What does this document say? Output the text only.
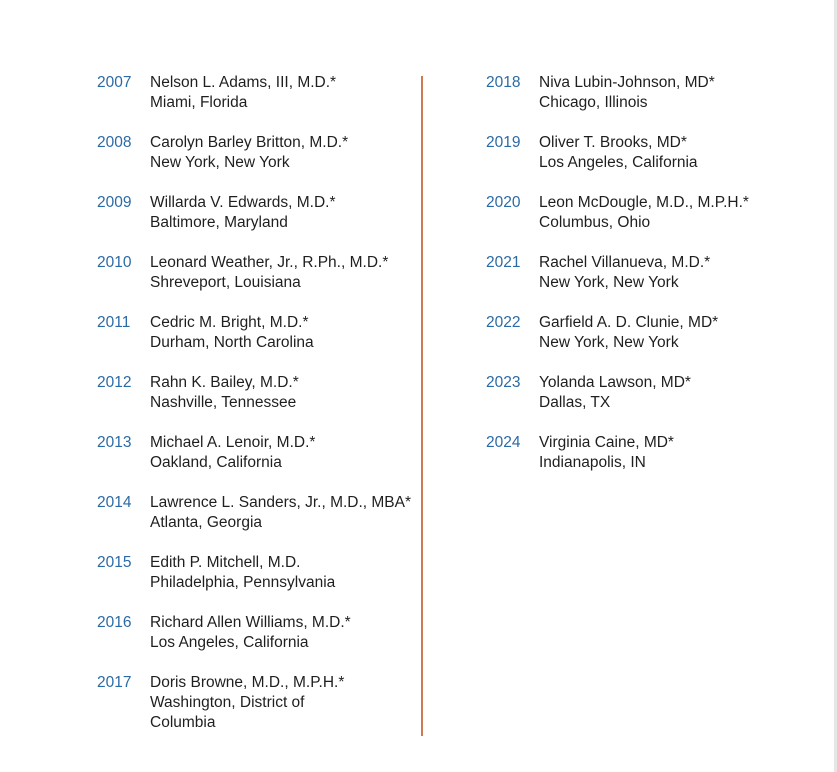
2007 Nelson L. Adams, III, M.D.*
Miami, Florida
2008 Carolyn Barley Britton, M.D.*
New York, New York
2009 Willarda V. Edwards, M.D.*
Baltimore, Maryland
2010 Leonard Weather, Jr., R.Ph., M.D.*
Shreveport, Louisiana
2011 Cedric M. Bright, M.D.*
Durham, North Carolina
2012 Rahn K. Bailey, M.D.*
Nashville, Tennessee
2013 Michael A. Lenoir, M.D.*
Oakland, California
2014 Lawrence L. Sanders, Jr., M.D., MBA*
Atlanta, Georgia
2015 Edith P. Mitchell, M.D.
Philadelphia, Pennsylvania
2016 Richard Allen Williams, M.D.*
Los Angeles, California
2017 Doris Browne, M.D., M.P.H.*
Washington, District of Columbia
2018 Niva Lubin-Johnson, MD*
Chicago, Illinois
2019 Oliver T. Brooks, MD*
Los Angeles, California
2020 Leon McDougle, M.D., M.P.H.*
Columbus, Ohio
2021 Rachel Villanueva, M.D.*
New York, New York
2022 Garfield A. D. Clunie, MD*
New York, New York
2023 Yolanda Lawson, MD*
Dallas, TX
2024 Virginia Caine, MD*
Indianapolis, IN
